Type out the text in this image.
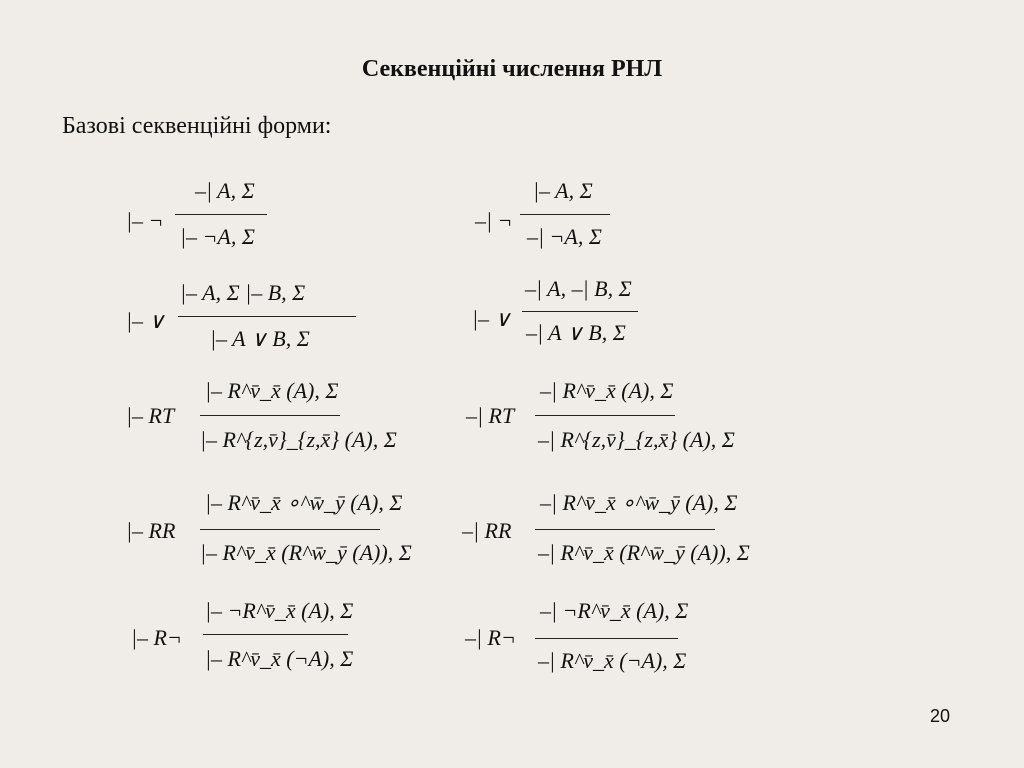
Секвенційні числення РНЛ
Базові секвенційні форми:
|– ¬
–| A, Σ
|– ¬A, Σ
–| ¬
|– A, Σ
–| ¬A, Σ
|– ∨
|– A, Σ |– B, Σ
|– A ∨ B, Σ
|– ∨
–| A, –| B, Σ
–| A ∨ B, Σ
|– RT
|– R^v̄_x̄ (A), Σ
|– R^{z,v̄}_{z,x̄} (A), Σ
–| RT
–| R^v̄_x̄ (A), Σ
–| R^{z,v̄}_{z,x̄} (A), Σ
|– RR
|– R^v̄_x̄ ∘^w̄_ȳ (A), Σ
|– R^v̄_x̄ (R^w̄_ȳ (A)), Σ
–| RR
–| R^v̄_x̄ ∘^w̄_ȳ (A), Σ
–| R^v̄_x̄ (R^w̄_ȳ (A)), Σ
|– R¬
|– ¬R^v̄_x̄ (A), Σ
|– R^v̄_x̄ (¬A), Σ
–| R¬
–| ¬R^v̄_x̄ (A), Σ
–| R^v̄_x̄ (¬A), Σ
20
